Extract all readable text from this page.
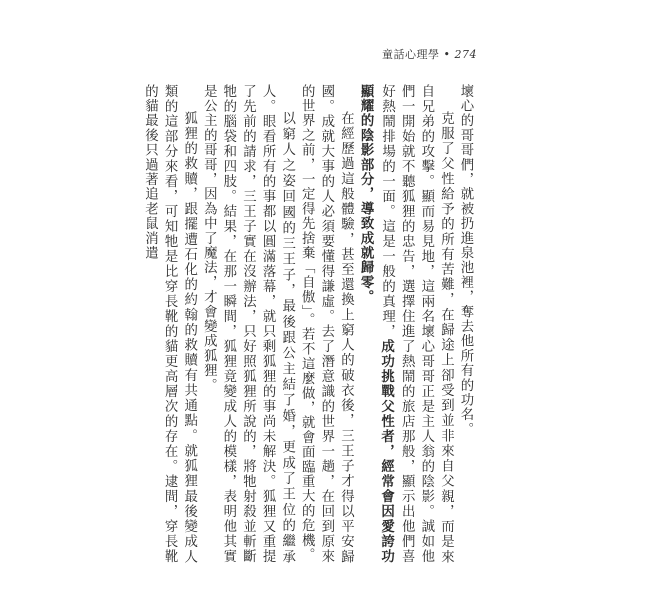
童話心理學 • 274

壞心的哥哥們，就被扔進泉池裡，奪去他所有的功名。

克服了父性給予的所有苦難，在歸途上卻受到並非來自父親，而是來自兄弟的攻擊。顯而易見地，這兩名壞心哥哥正是主人翁的陰影。誠如他們一開始就不聽狐狸的忠告，選擇住進了熱鬧的旅店那般，顯示出他們喜好熱鬧排場的一面。這是一般的真理，成功挑戰父性者，經常會因愛誇功顯耀的陰影部分，導致成就歸零。

在經歷過這般體驗，甚至還換上窮人的破衣後，三王子才得以平安歸國。成就大事的人必須要懂得謙虛。去了潛意識的世界一趟，在回到原來的世界之前，一定得先捨棄「自傲」。若不這麼做，就會面臨重大的危機。

以窮人之姿回國的三王子，最後跟公主結了婚，更成了王位的繼承人。眼看所有的事都以圓滿落幕，就只剩狐狸的事尚未解決。狐狸又重提了先前的請求，三王子實在沒辦法，只好照狐狸所說的，將牠射殺並斬斷牠的腦袋和四肢。結果，在那一瞬間，狐狸竟變成人的模樣，表明他其實是公主的哥哥，因為中了魔法，才會變成狐狸。

狐狸的救贖，跟擺遭石化的約翰的救贖有共通點。就狐狸最後變成人類的這部分來看，可知牠是比穿長靴的貓更高層次的存在。逮間，穿長靴的貓最後只過著追老鼠消遣
